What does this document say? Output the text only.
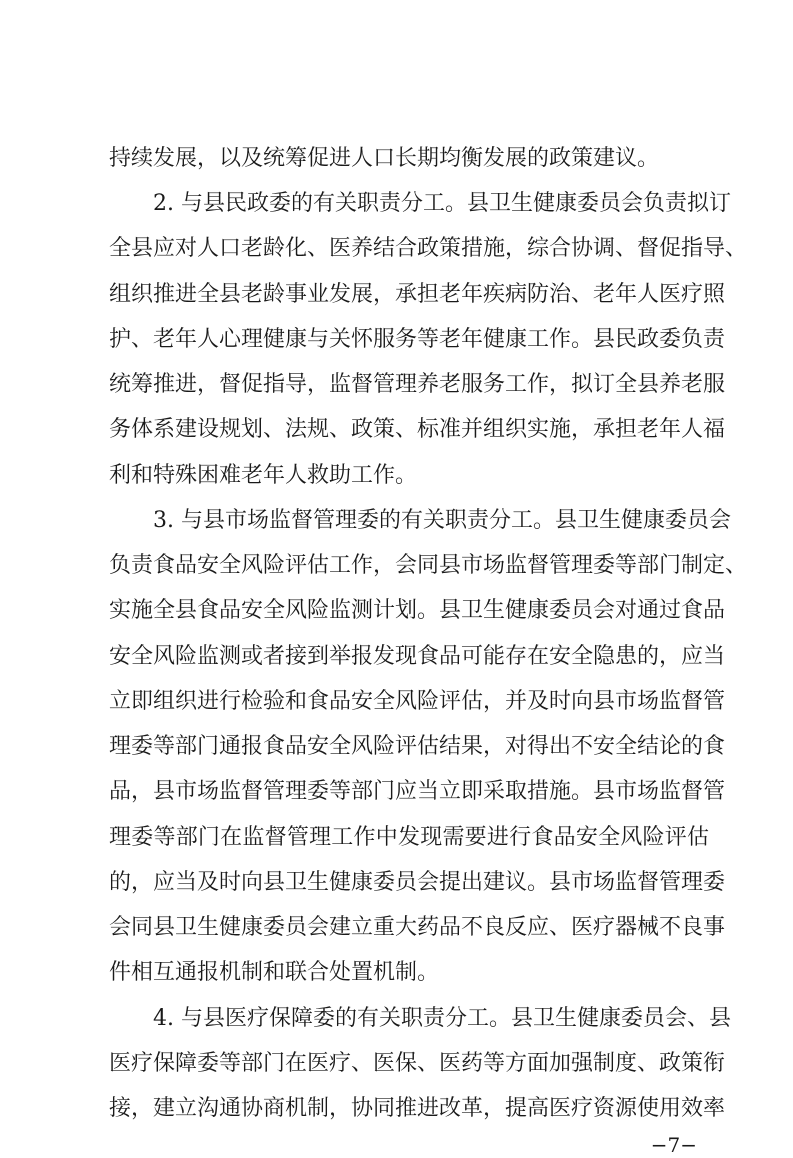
持续发展，以及统筹促进人口长期均衡发展的政策建议。
　　2. 与县民政委的有关职责分工。县卫生健康委员会负责拟订
全县应对人口老龄化、医养结合政策措施，综合协调、督促指导、
组织推进全县老龄事业发展，承担老年疾病防治、老年人医疗照
护、老年人心理健康与关怀服务等老年健康工作。县民政委负责
统筹推进，督促指导，监督管理养老服务工作，拟订全县养老服
务体系建设规划、法规、政策、标准并组织实施，承担老年人福
利和特殊困难老年人救助工作。
　　3. 与县市场监督管理委的有关职责分工。县卫生健康委员会
负责食品安全风险评估工作，会同县市场监督管理委等部门制定、
实施全县食品安全风险监测计划。县卫生健康委员会对通过食品
安全风险监测或者接到举报发现食品可能存在安全隐患的，应当
立即组织进行检验和食品安全风险评估，并及时向县市场监督管
理委等部门通报食品安全风险评估结果，对得出不安全结论的食
品，县市场监督管理委等部门应当立即采取措施。县市场监督管
理委等部门在监督管理工作中发现需要进行食品安全风险评估
的，应当及时向县卫生健康委员会提出建议。县市场监督管理委
会同县卫生健康委员会建立重大药品不良反应、医疗器械不良事
件相互通报机制和联合处置机制。
　　4. 与县医疗保障委的有关职责分工。县卫生健康委员会、县
医疗保障委等部门在医疗、医保、医药等方面加强制度、政策衔
接，建立沟通协商机制，协同推进改革，提高医疗资源使用效率
−7−
